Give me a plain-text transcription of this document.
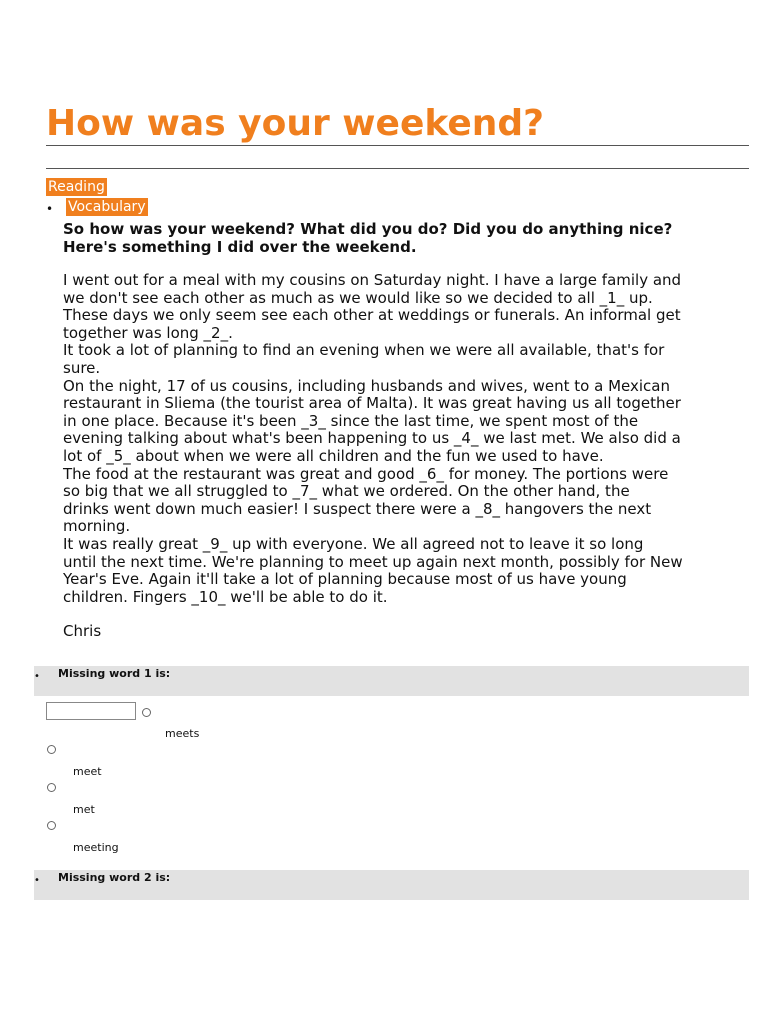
How was your weekend?
Reading
• Vocabulary

So how was your weekend? What did you do? Did you do anything nice?
Here's something I did over the weekend.

I went out for a meal with my cousins on Saturday night. I have a large family and
we don't see each other as much as we would like so we decided to all _1_ up.
These days we only seem see each other at weddings or funerals. An informal get
together was long _2_.
It took a lot of planning to find an evening when we were all available, that's for
sure.
On the night, 17 of us cousins, including husbands and wives, went to a Mexican
restaurant in Sliema (the tourist area of Malta). It was great having us all together
in one place. Because it's been _3_ since the last time, we spent most of the
evening talking about what's been happening to us _4_ we last met. We also did a
lot of _5_ about when we were all children and the fun we used to have.
The food at the restaurant was great and good _6_ for money. The portions were
so big that we all struggled to _7_ what we ordered. On the other hand, the
drinks went down much easier! I suspect there were a _8_ hangovers the next
morning.
It was really great _9_ up with everyone. We all agreed not to leave it so long
until the next time. We're planning to meet up again next month, possibly for New
Year's Eve. Again it'll take a lot of planning because most of us have young
children. Fingers _10_ we'll be able to do it.

Chris

• Missing word 1 is:
meets
meet
met
meeting
• Missing word 2 is:
